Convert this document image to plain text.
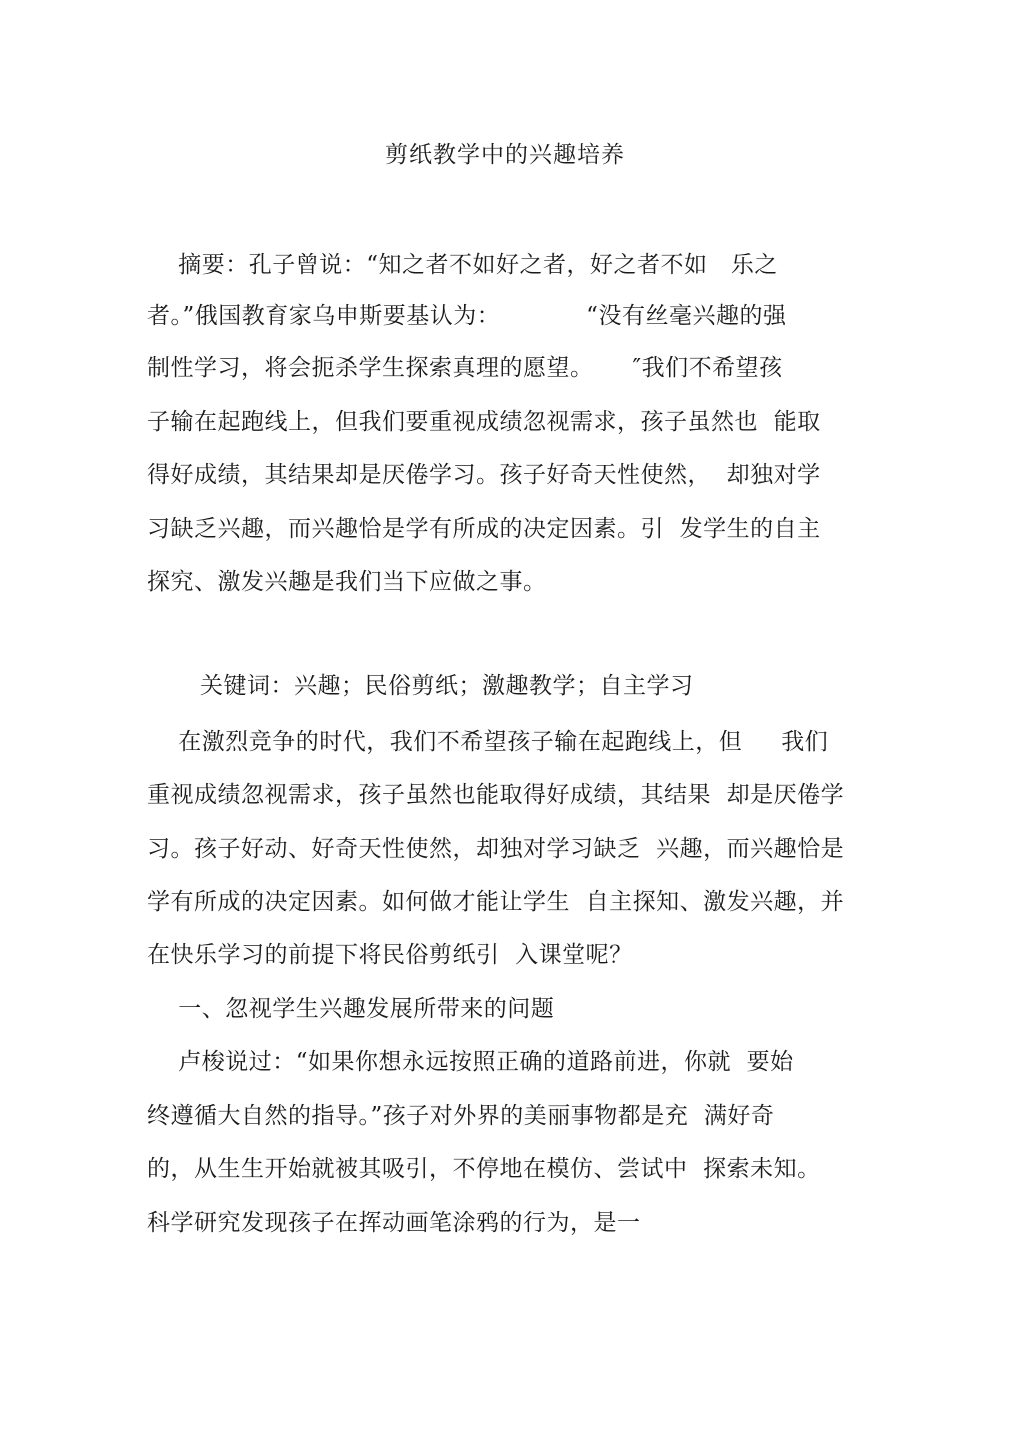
剪纸教学中的兴趣培养
摘要：孔子曾说：“知之者不如好之者，好之者不如   乐之
者。”俄国教育家乌申斯要基认为：           “没有丝毫兴趣的强
制性学习，将会扼杀学生探索真理的愿望。     ″我们不希望孩
子输在起跑线上，但我们要重视成绩忽视需求，孩子虽然也  能取
得好成绩，其结果却是厌倦学习。孩子好奇天性使然，  却独对学
习缺乏兴趣，而兴趣恰是学有所成的决定因素。引  发学生的自主
探究、激发兴趣是我们当下应做之事。
关键词：兴趣；民俗剪纸；激趣教学；自主学习
在激烈竞争的时代，我们不希望孩子输在起跑线上，但     我们
重视成绩忽视需求，孩子虽然也能取得好成绩，其结果  却是厌倦学
习。孩子好动、好奇天性使然，却独对学习缺乏  兴趣，而兴趣恰是
学有所成的决定因素。如何做才能让学生  自主探知、激发兴趣，并
在快乐学习的前提下将民俗剪纸引  入课堂呢？
一、忽视学生兴趣发展所带来的问题
卢梭说过：“如果你想永远按照正确的道路前进，你就  要始
终遵循大自然的指导。”孩子对外界的美丽事物都是充  满好奇
的，从生生开始就被其吸引，不停地在模仿、尝试中  探索未知。
科学研究发现孩子在挥动画笔涂鸦的行为，是一
